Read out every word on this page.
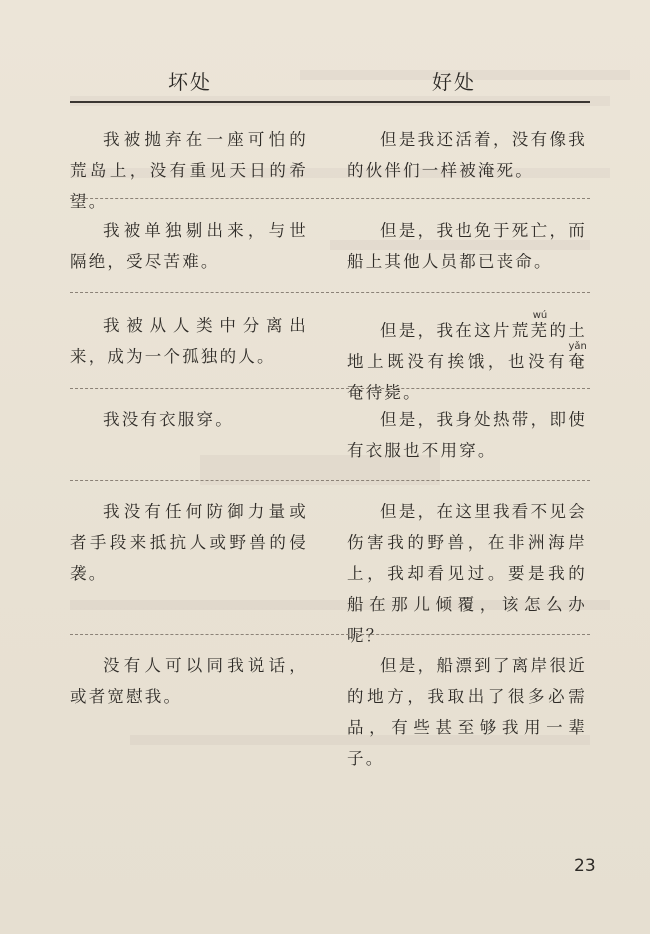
坏处	好处
我被抛弃在一座可怕的荒岛上，没有重见天日的希望。
但是我还活着，没有像我的伙伴们一样被淹死。
我被单独剔出来，与世隔绝，受尽苦难。
但是，我也免于死亡，而船上其他人员都已丧命。
我被从人类中分离出来，成为一个孤独的人。
但是，我在这片荒芜wú的土地上既没有挨饿，也没有奄yǎn奄待毙。
我没有衣服穿。	但是，我身处热带，即使有衣服也不用穿。
我没有任何防御力量或者手段来抵抗人或野兽的侵袭。
但是，在这里我看不见会伤害我的野兽，在非洲海岸上，我却看见过。要是我的船在那儿倾覆，该怎么办呢？
没有人可以同我说话，或者宽慰我。
但是，船漂到了离岸很近的地方，我取出了很多必需品，有些甚至够我用一辈子。
23
